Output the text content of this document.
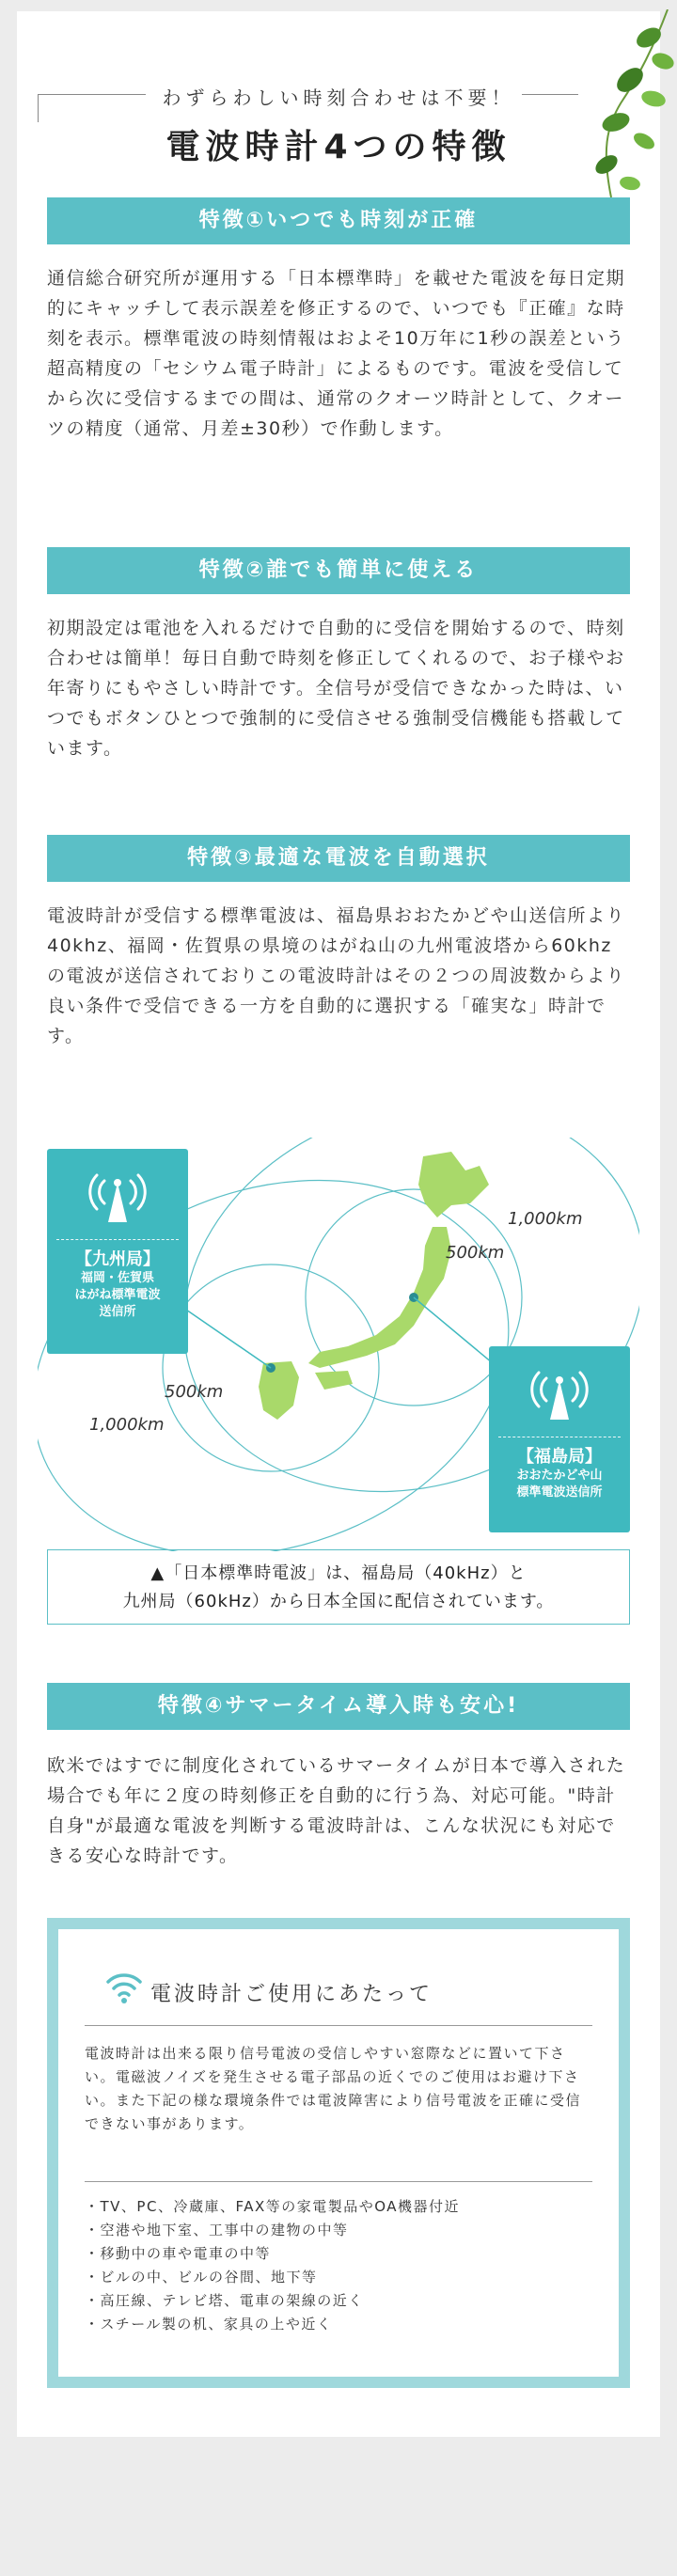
わずらわしい時刻合わせは不要！
電波時計4つの特徴
特徴①いつでも時刻が正確
通信総合研究所が運用する「日本標準時」を載せた電波を毎日定期的にキャッチして表示誤差を修正するので、いつでも『正確』な時刻を表示。標準電波の時刻情報はおよそ10万年に1秒の誤差という超高精度の「セシウム電子時計」によるものです。電波を受信してから次に受信するまでの間は、通常のクオーツ時計として、クオーツの精度（通常、月差±30秒）で作動します。
特徴②誰でも簡単に使える
初期設定は電池を入れるだけで自動的に受信を開始するので、時刻合わせは簡単！毎日自動で時刻を修正してくれるので、お子様やお年寄りにもやさしい時計です。全信号が受信できなかった時は、いつでもボタンひとつで強制的に受信させる強制受信機能も搭載しています。
特徴③最適な電波を自動選択
電波時計が受信する標準電波は、福島県おおたかどや山送信所より40khz、福岡・佐賀県の県境のはがね山の九州電波塔から60khzの電波が送信されておりこの電波時計はその２つの周波数からより良い条件で受信できる一方を自動的に選択する「確実な」時計です。
【九州局】
福岡・佐賀県
はがね標準電波
送信所
【福島局】
おおたかどや山
標準電波送信所
1,000km
500km
500km
1,000km
▲「日本標準時電波」は、福島局（40kHz）と
九州局（60kHz）から日本全国に配信されています。
特徴④サマータイム導入時も安心!
欧米ではすでに制度化されているサマータイムが日本で導入された場合でも年に２度の時刻修正を自動的に行う為、対応可能。"時計自身"が最適な電波を判断する電波時計は、こんな状況にも対応できる安心な時計です。
電波時計ご使用にあたって
電波時計は出来る限り信号電波の受信しやすい窓際などに置いて下さい。電磁波ノイズを発生させる電子部品の近くでのご使用はお避け下さい。また下記の様な環境条件では電波障害により信号電波を正確に受信できない事があります。
・TV、PC、冷蔵庫、FAX等の家電製品やOA機器付近
・空港や地下室、工事中の建物の中等
・移動中の車や電車の中等
・ビルの中、ビルの谷間、地下等
・高圧線、テレビ塔、電車の架線の近く
・スチール製の机、家具の上や近く
